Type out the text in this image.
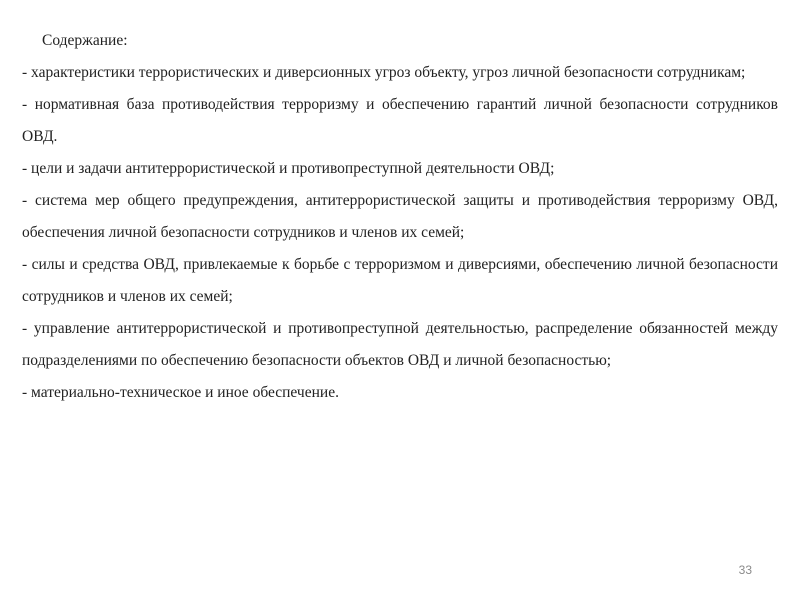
Содержание:

- характеристики террористических и диверсионных угроз объекту, угроз личной безопасности сотрудникам;

- нормативная база противодействия терроризму и обеспечению гарантий личной безопасности сотрудников ОВД.

- цели и задачи антитеррористической и противопреступной деятельности ОВД;

- система мер общего предупреждения, антитеррористической защиты и противодействия терроризму ОВД, обеспечения личной безопасности сотрудников и членов их семей;

- силы и средства ОВД, привлекаемые к борьбе с терроризмом и диверсиями, обеспечению личной безопасности сотрудников и членов их семей;

- управление антитеррористической и противопреступной деятельностью, распределение обязанностей между подразделениями по обеспечению безопасности объектов ОВД и личной безопасностью;

- материально-техническое и иное обеспечение.

33
